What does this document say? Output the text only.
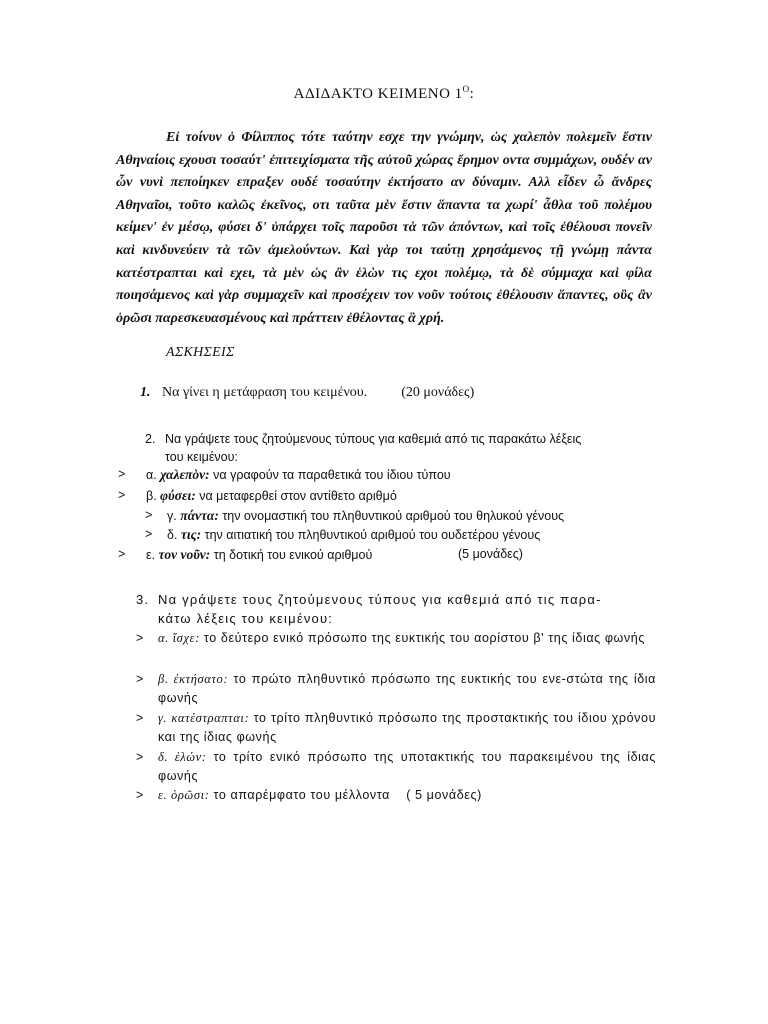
ΑΔΙΔΑΚΤΟ ΚΕΙΜΕΝΟ $1^O$:
Εἰ τοίνυν ὁ Φίλιππος τότε ταύτην εσχε την γνώμην, ὡς χαλεπὸν πολεμεῖν ἔστιν Αθηναίοις εχουσι τοσαύτ' ἐπιτειχίσματα τῆς αὐτοῦ χώρας ἔρημον οντα συμμάχων, ουδέν αν ὧν νυνὶ πεποίηκεν επραξεν ουδέ τοσαύτην ἐκτήσατο αν δύναμιν. Αλλ εἶδεν ὦ ἄνδρες Αθηναῖοι, τοῦτο καλῶς ἐκεῖνος, οτι ταῦτα μὲν ἔστιν ἅπαντα τα χωρί' ἆθλα τοῦ πολέμου κείμεν' ἐν μέσῳ, φύσει δ' ὑπάρχει τοῖς παροῦσι τὰ τῶν ἀπόντων, καὶ τοῖς ἐθέλουσι πονεῖν καὶ κινδυνεύειν τὰ τῶν ἀμελούντων. Καὶ γὰρ τοι ταύτῃ χρησάμενος τῇ γνώμῃ πάντα κατέστραπται καὶ εχει, τὰ μὲν ὡς ἂν ἑλὼν τις εχοι πολέμῳ, τὰ δὲ σύμμαχα καὶ φίλα ποιησάμενος καὶ γὰρ συμμαχεῖν καὶ προσέχειν τον νοῦν τούτοις ἐθέλουσιν ἅπαντες, οὓς ἂν ὁρῶσι παρεσκευασμένους καὶ πράττειν ἐθέλοντας ἃ χρή.
ΑΣΚΗΣΕΙΣ
1. Να γίνει η μετάφραση του κειμένου. (20 μονάδες)
2. Να γράψετε τους ζητούμενους τύπους για καθεμιά από τις παρακάτω λέξεις
του κειμένου:
> α. χαλεπὸν: να γραφούν τα παραθετικά του ίδιου τύπου
> β. φύσει: να μεταφερθεί στον αντίθετο αριθμό
> γ. πάντα: την ονομαστική του πληθυντικού αριθμού του θηλυκού γένους
> δ. τις: την αιτιατική του πληθυντικού αριθμού του ουδετέρου γένους
> ε. τον νοῦν: τη δοτική του ενικού αριθμού	(5 μονάδες)
3. Να γράψετε τους ζητούμενους τύπους για καθεμιά από τις παρα-
κάτω λέξεις του κειμένου:
>	α. ἴσχε: το δεύτερο ενικό πρόσωπο της ευκτικής του αορίστου β' της ίδιας φωνής
>	β. ἐκτήσατο: το πρώτο πληθυντικό πρόσωπο της ευκτικής του ενε-στώτα της ίδια φωνής
>	γ. κατέστραπται: το τρίτο πληθυντικό πρόσωπο της προστακτικής του ίδιου χρόνου και της ίδιας φωνής
>	δ. ἑλών: το τρίτο ενικό πρόσωπο της υποτακτικής του παρακειμένου της ίδιας φωνής
>	ε. ὁρῶσι: το απαρέμφατο του μέλλοντα ( 5 μονάδες)
